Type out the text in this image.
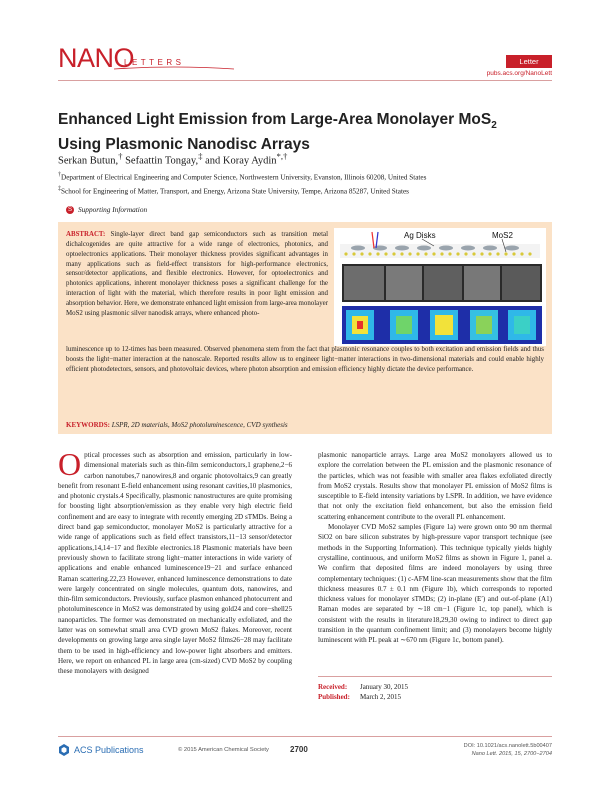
NANO
LETTERS	Letter
pubs.acs.org/NanoLett
Enhanced Light Emission from Large-Area Monolayer MoS$_2$ Using Plasmonic Nanodisc Arrays
Serkan Butun,† Sefaattin Tongay,‡ and Koray Aydin*,†
†Department of Electrical Engineering and Computer Science, Northwestern University, Evanston, Illinois 60208, United States
‡School for Engineering of Matter, Transport, and Energy, Arizona State University, Tempe, Arizona 85287, United States
S Supporting Information
ABSTRACT: Single-layer direct band gap semiconductors such as transition metal dichalcogenides are quite attractive for a wide range of electronics, photonics, and optoelectronics applications. Their monolayer thickness provides significant advantages in many applications such as field-effect transistors for high-performance electronics, sensor/detector applications, and flexible electronics. However, for optoelectronics and photonics applications, inherent monolayer thickness poses a significant challenge for the interaction of light with the material, which therefore results in poor light emission and absorption behavior. Here, we demonstrate enhanced light emission from large-area monolayer MoS2 using plasmonic silver nanodisk arrays, where enhanced photo-
Ag Disks	MoS2
luminescence up to 12-times has been measured. Observed phenomena stem from the fact that plasmonic resonance couples to both excitation and emission fields and thus boosts the light−matter interaction at the nanoscale. Reported results allow us to engineer light−matter interactions in two-dimensional materials and could enable highly efficient photodetectors, sensors, and photovoltaic devices, where photon absorption and emission efficiency highly dictate the device performance.
KEYWORDS: LSPR, 2D materials, MoS2 photoluminescence, CVD synthesis
O ptical processes such as absorption and emission, particularly in low-dimensional materials such as thin-film semiconductors,1 graphene,2−6 carbon nanotubes,7 nanowires,8 and organic photovoltaics,9 can greatly benefit from resonant E-field enhancement using resonant cavities,10 plasmonics, and photonic crystals.4 Specifically, plasmonic nanostructures are quite promising for boosting light absorption/emission as they enable very high electric field confinement and are easy to integrate with recently emerging 2D sTMDs. Being a direct band gap semiconductor, monolayer MoS2 is particularly attractive for a wide range of applications such as field effect transistors,11−13 sensor/detector applications,14,14−17 and flexible electronics.18 Plasmonic materials have been previously shown to facilitate strong light−matter interactions in wide variety of applications and enable enhanced luminescence19−21 and surface enhanced Raman scattering.22,23 However, enhanced luminescence demonstrations to date were largely concentrated on single molecules, quantum dots, nanowires, and thin-film semiconductors. Previously, surface plasmon enhanced photocurrent and photoluminescence in MoS2 was demonstrated by using gold24 and core−shell25 nanoparticles. The former was demonstrated on mechanically exfoliated, and the latter was on somewhat small area CVD grown MoS2 flakes. Moreover, recent developments on growing large area single layer MoS2 films26−28 may facilitate them to be used in high-efficiency and low-power light absorbers and emitters. Here, we report on enhanced PL in large area (cm-sized) CVD MoS2 by coupling these monolayers with designed

plasmonic nanoparticle arrays. Large area MoS2 monolayers allowed us to explore the correlation between the PL emission and the plasmonic resonance of the particles, which was not feasible with smaller area flakes exfoliated directly from MoS2 crystals. Results show that monolayer PL emission of MoS2 films is susceptible to E-field intensity variations by LSPR. In addition, we have evidence that not only the excitation field enhancement, but also the emission field scattering enhancement contribute to the overall PL enhancement.

Monolayer CVD MoS2 samples (Figure 1a) were grown onto 90 nm thermal SiO2 on bare silicon substrates by high-pressure vapor transport technique (see methods in the Supporting Information). This technique typically yields highly crystalline, continuous, and uniform MoS2 films as shown in Figure 1, panel a. We confirm that deposited films are indeed monolayers by using three complementary techniques: (1) c-AFM line-scan measurements show that the film thickness measures 0.7 ± 0.1 nm (Figure 1b), which corresponds to reported thickness values for monolayer sTMDs; (2) in-plane (E′) and out-of-plane (A1) Raman modes are separated by ∼18 cm−1 (Figure 1c, top panel), which is consistent with the results in literature18,29,30 owing to indirect to direct gap transition in the quantum confinement limit; and (3) monolayers become highly luminescent with PL peak at ∼670 nm (Figure 1c, bottom panel).

Received: January 30, 2015
Published: March 2, 2015
ACS Publications	© 2015 American Chemical Society	2700	DOI: 10.1021/acs.nanolett.5b00407
Nano Lett. 2015, 15, 2700−2704
